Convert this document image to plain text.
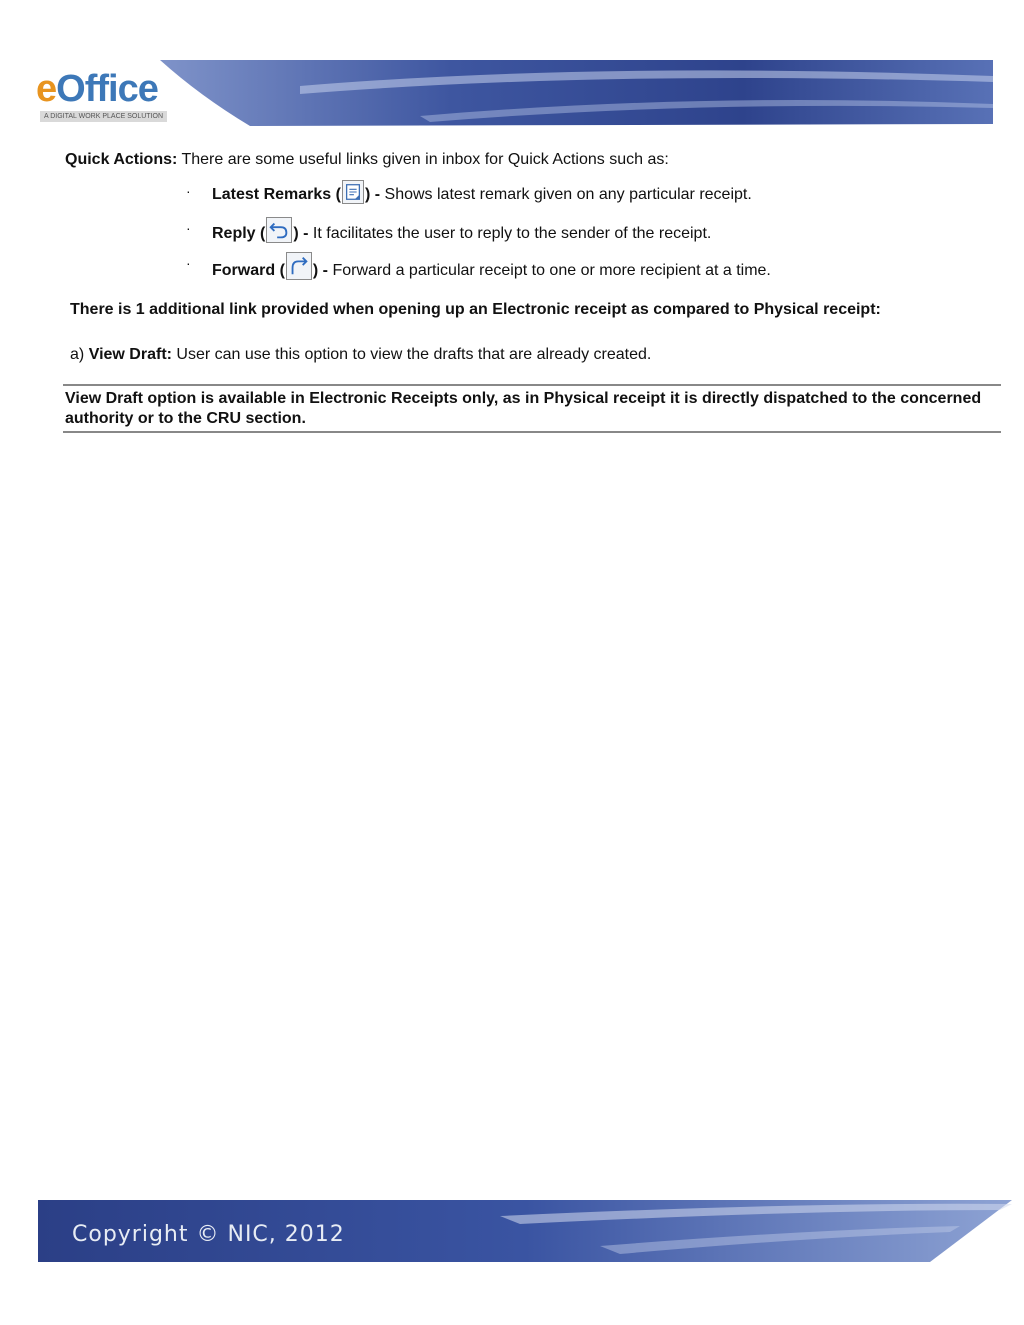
eOffice
A DIGITAL WORK PLACE SOLUTION
Quick Actions: There are some useful links given in inbox for Quick Actions such as:
· Latest Remarks ( ) - Shows latest remark given on any particular receipt.
· Reply ( ) - It facilitates the user to reply to the sender of the receipt.
· Forward ( ) - Forward a particular receipt to one or more recipient at a time.
There is 1 additional link provided when opening up an Electronic receipt as compared to Physical receipt:
a) View Draft: User can use this option to view the drafts that are already created.
View Draft option is available in Electronic Receipts only, as in Physical receipt it is directly dispatched to the concerned authority or to the CRU section.
Copyright © NIC, 2012
